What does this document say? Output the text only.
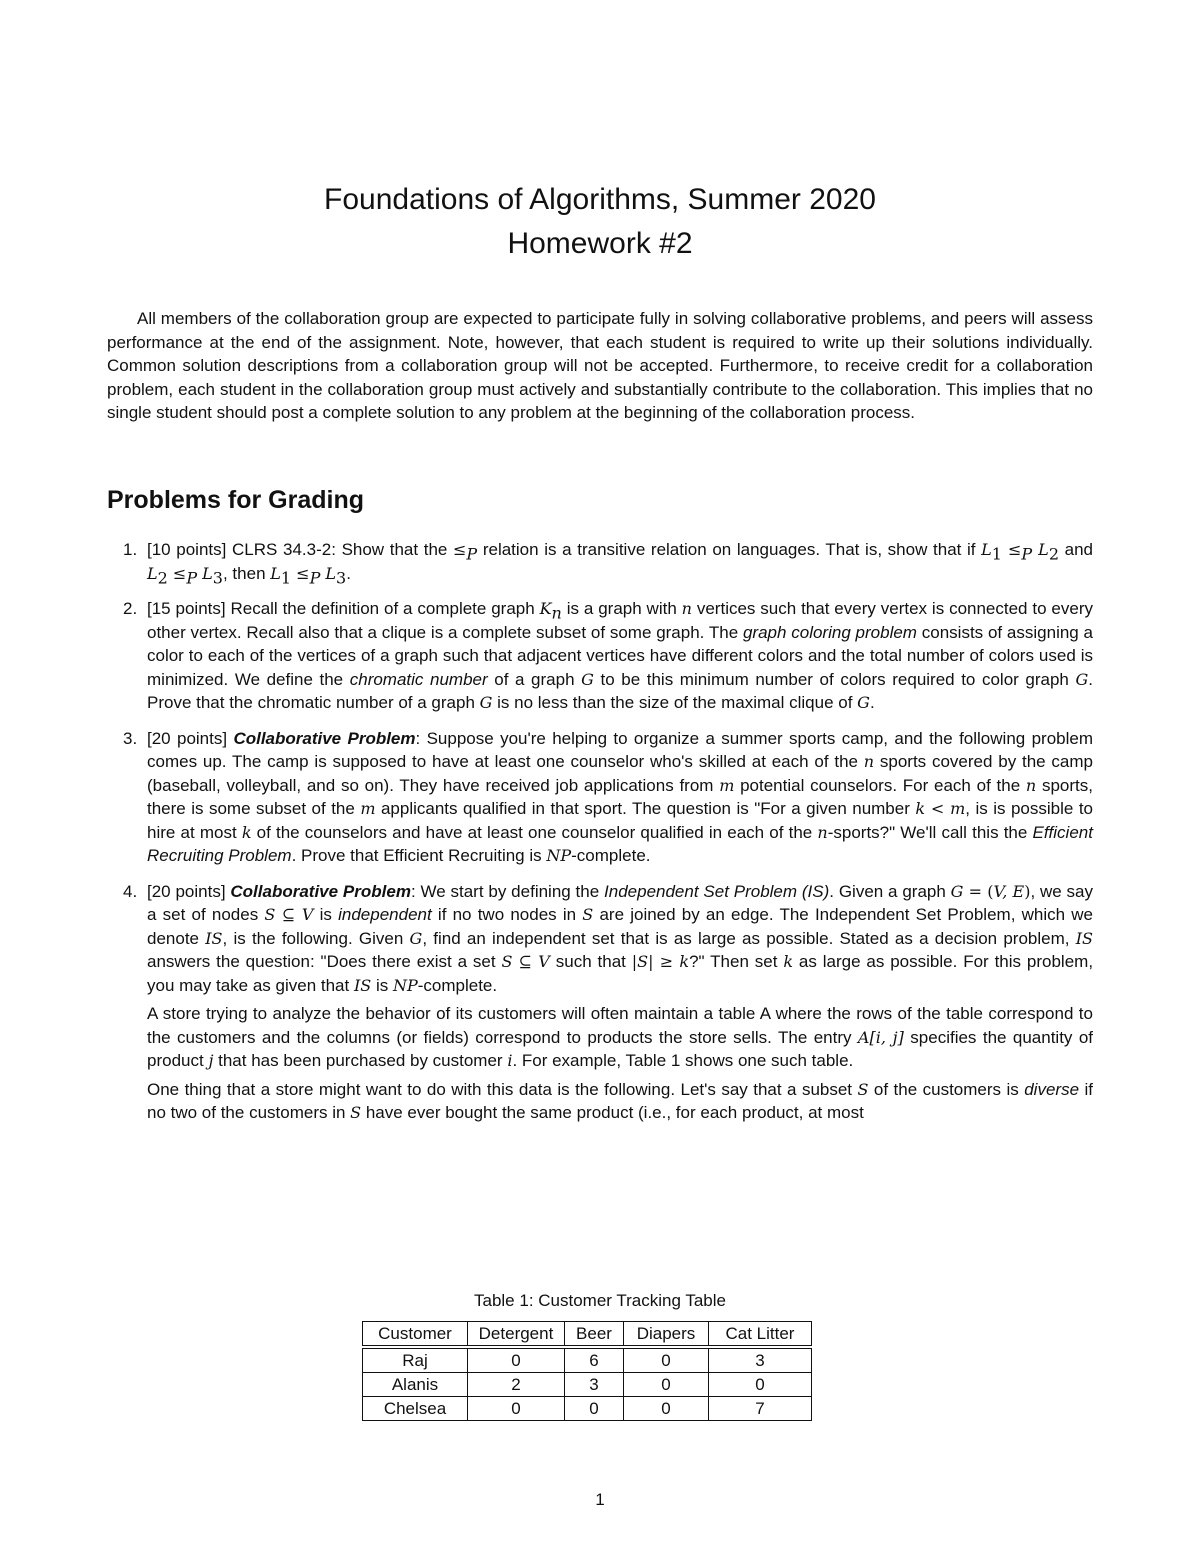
Foundations of Algorithms, Summer 2020
Homework #2

All members of the collaboration group are expected to participate fully in solving collaborative problems, and peers will assess performance at the end of the assignment. Note, however, that each student is required to write up their solutions individually. Common solution descriptions from a collaboration group will not be accepted. Furthermore, to receive credit for a collaboration problem, each student in the collaboration group must actively and substantially contribute to the collaboration. This implies that no single student should post a complete solution to any problem at the beginning of the collaboration process.

Problems for Grading
1. [10 points] CLRS 34.3-2: Show that the $\le_P$ relation is a transitive relation on languages. That is, show that if $L_1 \le_P$ $L_2$ and $L_2 \le_P$ $L_3$, then $L_1 \le_P$ $L_3$.
2. [15 points] Recall the definition of a complete graph $K_n$ is a graph with n vertices such that every vertex is connected to every other vertex. Recall also that a clique is a complete subset of some graph. The graph coloring problem consists of assigning a color to each of the vertices of a graph such that adjacent vertices have different colors and the total number of colors used is minimized. We define the chromatic number of a graph G to be this minimum number of colors required to color graph G. Prove that the chromatic number of a graph G is no less than the size of the maximal clique of G.
3. [20 points] Collaborative Problem: Suppose you're helping to organize a summer sports camp, and the following problem comes up. The camp is supposed to have at least one counselor who's skilled at each of the n sports covered by the camp (baseball, volleyball, and so on). They have received job applications from m potential counselors. For each of the n sports, there is some subset of the m applicants qualified in that sport. The question is "For a given number k < m, is is possible to hire at most k of the counselors and have at least one counselor qualified in each of the n-sports?" We'll call this the Efficient Recruiting Problem. Prove that Efficient Recruiting is NP-complete.
4. [20 points] Collaborative Problem: We start by defining the Independent Set Problem (IS). Given a graph G = (V, E), we say a set of nodes S ⊆ V is independent if no two nodes in S are joined by an edge. The Independent Set Problem, which we denote IS, is the following. Given G, find an independent set that is as large as possible. Stated as a decision problem, IS answers the question: "Does there exist a set S ⊆ V such that |S| ≥ k?" Then set k as large as possible. For this problem, you may take as given that IS is NP-complete.

A store trying to analyze the behavior of its customers will often maintain a table A where the rows of the table correspond to the customers and the columns (or fields) correspond to products the store sells. The entry A[i, j] specifies the quantity of product j that has been purchased by customer i. For example, Table 1 shows one such table.

One thing that a store might want to do with this data is the following. Let's say that a subset S of the customers is diverse if no two of the customers in S have ever bought the same product (i.e., for each product, at most

Table 1: Customer Tracking Table
Customer	Detergent	Beer	Diapers	Cat Litter
Raj	0	6	0	3
Alanis	2	3	0	0
Chelsea	0	0	0	7
1
